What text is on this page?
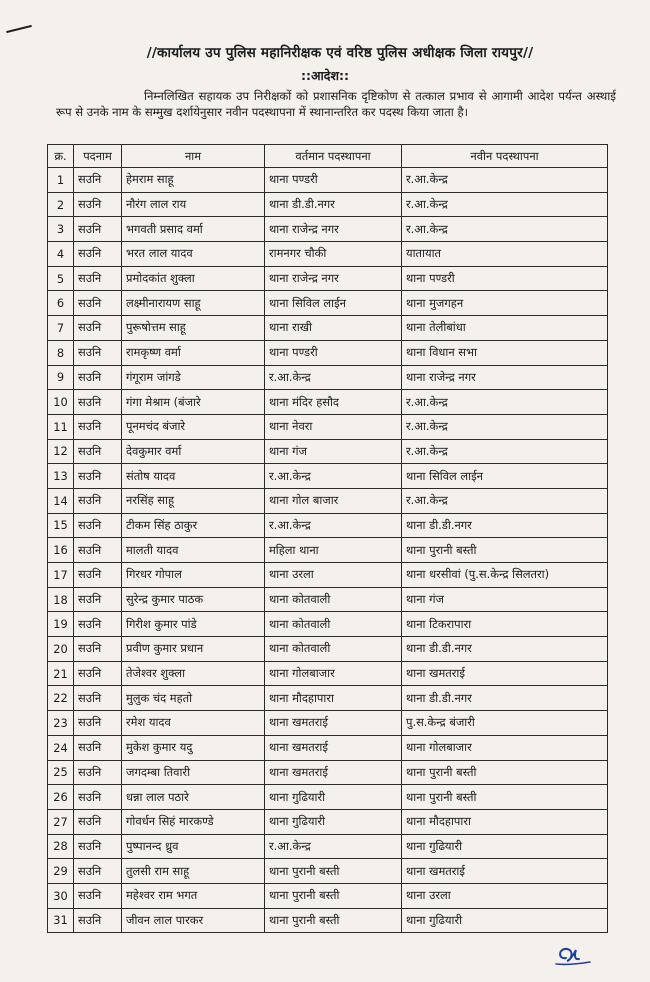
//कार्यालय उप पुलिस महानिरीक्षक एवं वरिष्ठ पुलिस अधीक्षक जिला रायपुर//
::आदेश::

निम्नलिखित सहायक उप निरीक्षकों को प्रशासनिक दृष्टिकोण से तत्काल प्रभाव से आगामी आदेश पर्यन्त अस्थाई रूप से उनके नाम के सम्मुख दर्शायेनुसार नवीन पदस्थापना में स्थानान्तरित कर पदस्थ किया जाता है।

क्र.	पदनाम	नाम	वर्तमान पदस्थापना	नवीन पदस्थापना
1	सउनि	हेमराम साहू	थाना पण्डरी	र.आ.केन्द्र
2	सउनि	नौरंग लाल राय	थाना डी.डी.नगर	र.आ.केन्द्र
3	सउनि	भगवती प्रसाद वर्मा	थाना राजेन्द्र नगर	र.आ.केन्द्र
4	सउनि	भरत लाल यादव	रामनगर चौकी	यातायात
5	सउनि	प्रमोदकांत शुक्ला	थाना राजेन्द्र नगर	थाना पण्डरी
6	सउनि	लक्ष्मीनारायण साहू	थाना सिविल लाईन	थाना मुजगहन
7	सउनि	पुरूषोत्तम साहू	थाना राखी	थाना तेलीबांधा
8	सउनि	रामकृष्ण वर्मा	थाना पण्डरी	थाना विधान सभा
9	सउनि	गंगूराम जांगडे	र.आ.केन्द्र	थाना राजेन्द्र नगर
10	सउनि	गंगा मेश्राम (बंजारे	थाना मंदिर हसौद	र.आ.केन्द्र
11	सउनि	पूनमचंद बंजारे	थाना नेवरा	र.आ.केन्द्र
12	सउनि	देवकुमार वर्मा	थाना गंज	र.आ.केन्द्र
13	सउनि	संतोष यादव	र.आ.केन्द्र	थाना सिविल लाईन
14	सउनि	नरसिंह साहू	थाना गोल बाजार	र.आ.केन्द्र
15	सउनि	टीकम सिंह ठाकुर	र.आ.केन्द्र	थाना डी.डी.नगर
16	सउनि	मालती यादव	महिला थाना	थाना पुरानी बस्ती
17	सउनि	गिरधर गोपाल	थाना उरला	थाना धरसीवां (पु.स.केन्द्र सिलतरा)
18	सउनि	सुरेन्द्र कुमार पाठक	थाना कोतवाली	थाना गंज
19	सउनि	गिरीश कुमार पांडे	थाना कोतवाली	थाना टिकरापारा
20	सउनि	प्रवीण कुमार प्रधान	थाना कोतवाली	थाना डी.डी.नगर
21	सउनि	तेजेश्वर शुक्ला	थाना गोलबाजार	थाना खमतराई
22	सउनि	मुलुक चंद महतो	थाना मौदहापारा	थाना डी.डी.नगर
23	सउनि	रमेश यादव	थाना खमतराई	पु.स.केन्द्र बंजारी
24	सउनि	मुकेश कुमार यदु	थाना खमतराई	थाना गोलबाजार
25	सउनि	जगदम्बा तिवारी	थाना खमतराई	थाना पुरानी बस्ती
26	सउनि	धन्ना लाल पठारे	थाना गुढियारी	थाना पुरानी बस्ती
27	सउनि	गोवर्धन सिहं मारकण्डे	थाना गुढियारी	थाना मौदहापारा
28	सउनि	पुष्पानन्द ध्रुव	र.आ.केन्द्र	थाना गुढियारी
29	सउनि	तुलसी राम साहू	थाना पुरानी बस्ती	थाना खमतराई
30	सउनि	महेश्वर राम भगत	थाना पुरानी बस्ती	थाना उरला
31	सउनि	जीवन लाल पारकर	थाना पुरानी बस्ती	थाना गुढियारी
